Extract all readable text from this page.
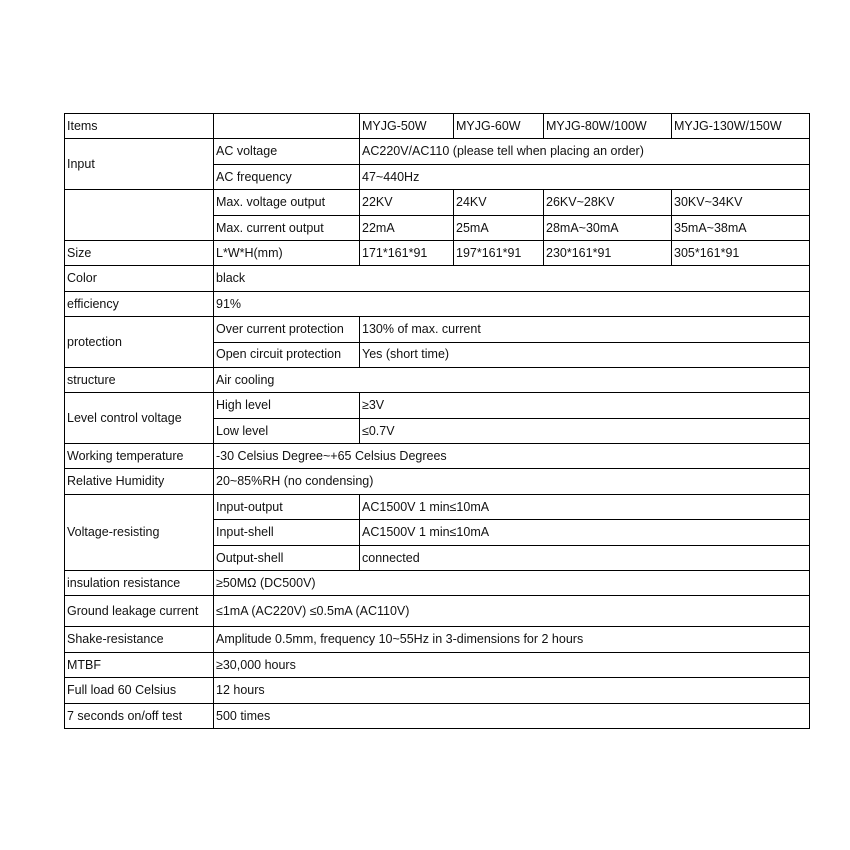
Items		MYJG-50W	MYJG-60W	MYJG-80W/100W	MYJG-130W/150W
Input	AC voltage	AC220V/AC110 (please tell when placing an order)			
	AC frequency	47~440Hz			
	Max. voltage output	22KV	24KV	26KV~28KV	30KV~34KV
	Max. current output	22mA	25mA	28mA~30mA	35mA~38mA
Size	L*W*H(mm)	171*161*91	197*161*91	230*161*91	305*161*91
Color	black				
efficiency	91%				
protection	Over current protection	130% of max. current			
	Open circuit protection	Yes (short time)			
structure	Air cooling				
Level control voltage	High level	≥3V			
	Low level	≤0.7V			
Working temperature	-30 Celsius Degree~+65 Celsius Degrees				
Relative Humidity	20~85%RH (no condensing)				
Voltage-resisting	Input-output	AC1500V 1 min≤10mA			
	Input-shell	AC1500V 1 min≤10mA			
	Output-shell	connected			
insulation resistance	≥50MΩ (DC500V)				
Ground leakage current	≤1mA (AC220V) ≤0.5mA (AC110V)				
Shake-resistance	Amplitude 0.5mm, frequency 10~55Hz in 3-dimensions for 2 hours				
MTBF	≥30,000 hours				
Full load 60 Celsius	12 hours				
7 seconds on/off test	500 times				
